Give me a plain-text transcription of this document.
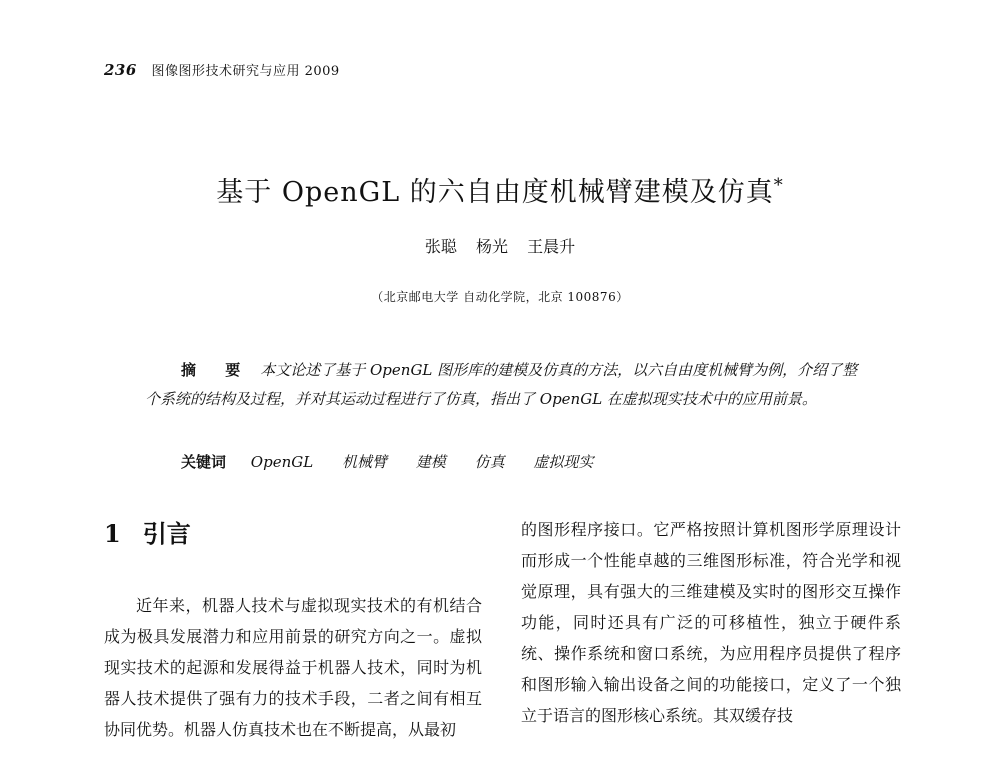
236 图像图形技术研究与应用 2009
基于 OpenGL 的六自由度机械臂建模及仿真*
张聪 杨光 王晨升
（北京邮电大学 自动化学院，北京 100876）
摘 要 本文论述了基于 OpenGL 图形库的建模及仿真的方法，以六自由度机械臂为例，介绍了整个系统的结构及过程，并对其运动过程进行了仿真，指出了 OpenGL 在虚拟现实技术中的应用前景。
关键词 OpenGL 机械臂 建模 仿真 虚拟现实
1 引言

近年来，机器人技术与虚拟现实技术的有机结合成为极具发展潜力和应用前景的研究方向之一。虚拟现实技术的起源和发展得益于机器人技术，同时为机器人技术提供了强有力的技术手段，二者之间有相互协同优势。机器人仿真技术也在不断提高，从最初

的图形程序接口。它严格按照计算机图形学原理设计而形成一个性能卓越的三维图形标准，符合光学和视觉原理，具有强大的三维建模及实时的图形交互操作功能，同时还具有广泛的可移植性，独立于硬件系统、操作系统和窗口系统，为应用程序员提供了程序和图形输入输出设备之间的功能接口，定义了一个独立于语言的图形核心系统。其双缓存技
